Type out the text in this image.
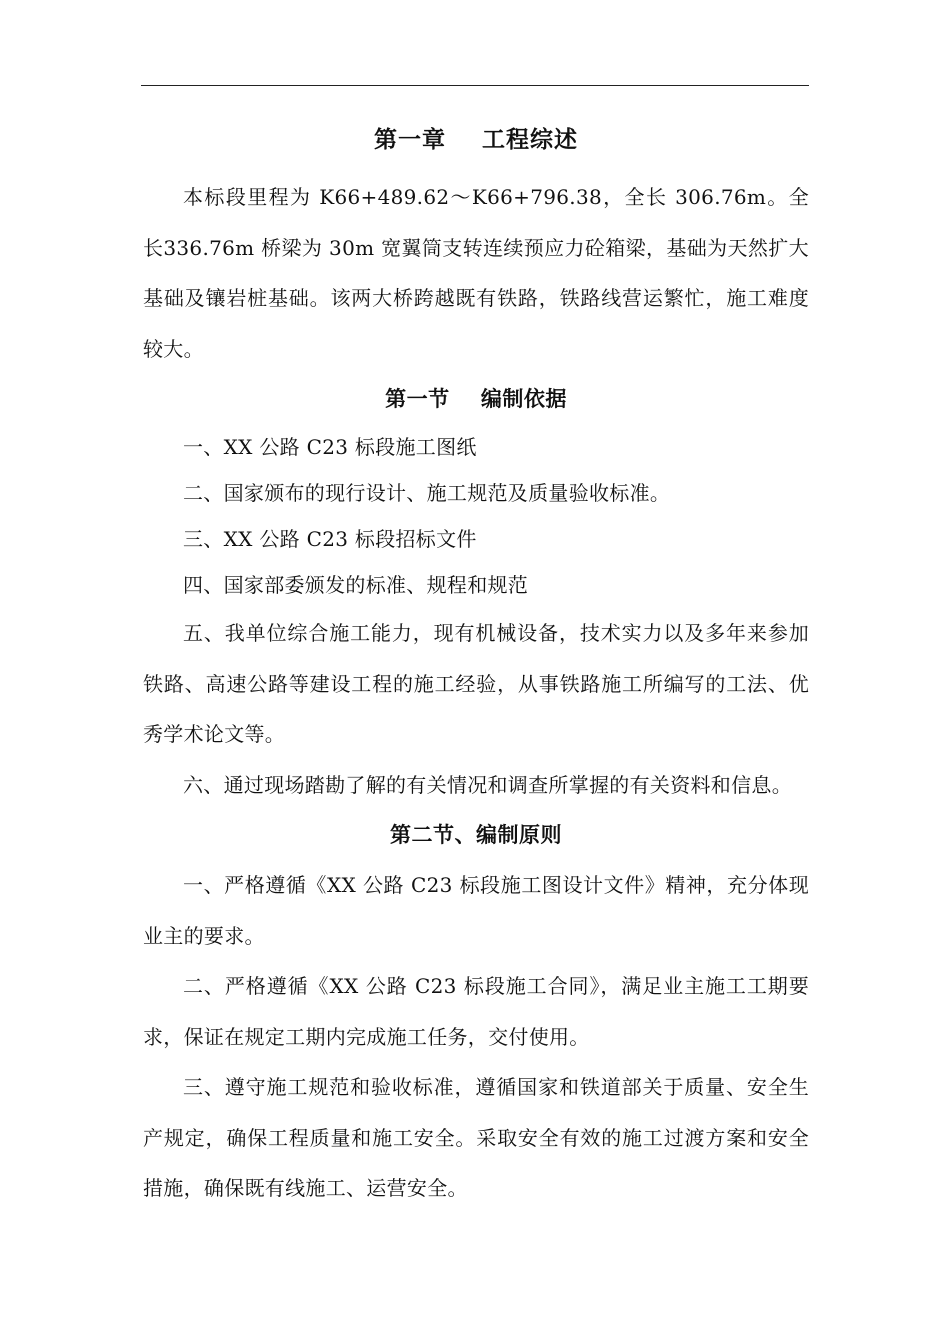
第一章    工程综述

本标段里程为 K66+489.62～K66+796.38，全长 306.76m。全长336.76m 桥梁为 30m 宽翼筒支转连续预应力砼箱梁，基础为天然扩大基础及镶岩桩基础。该两大桥跨越既有铁路，铁路线营运繁忙，施工难度较大。

第一节    编制依据

一、XX 公路 C23 标段施工图纸

二、国家颁布的现行设计、施工规范及质量验收标准。

三、XX 公路 C23 标段招标文件

四、国家部委颁发的标准、规程和规范

五、我单位综合施工能力，现有机械设备，技术实力以及多年来参加铁路、高速公路等建设工程的施工经验，从事铁路施工所编写的工法、优秀学术论文等。

六、通过现场踏勘了解的有关情况和调查所掌握的有关资料和信息。

第二节、编制原则

一、严格遵循《XX 公路 C23 标段施工图设计文件》精神，充分体现业主的要求。

二、严格遵循《XX 公路 C23 标段施工合同》，满足业主施工工期要求，保证在规定工期内完成施工任务，交付使用。

三、遵守施工规范和验收标准，遵循国家和铁道部关于质量、安全生产规定，确保工程质量和施工安全。采取安全有效的施工过渡方案和安全措施，确保既有线施工、运营安全。
